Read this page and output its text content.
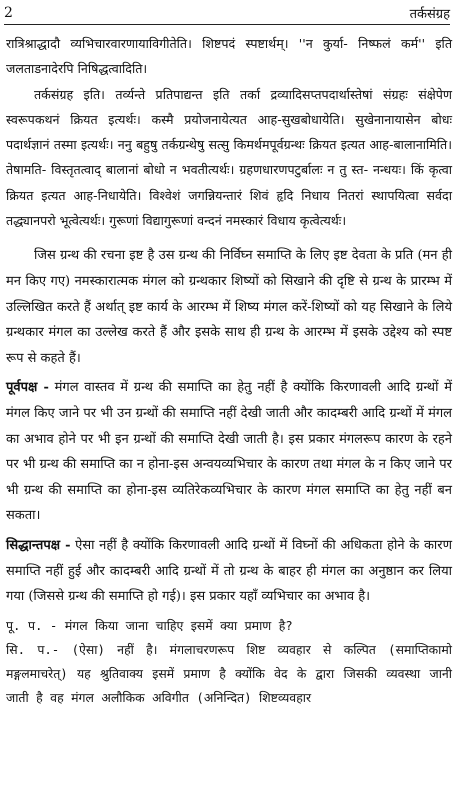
2	तर्कसंग्रह

रात्रिश्राद्धादौ व्यभिचारवारणायाविगीतेति। शिष्टपदं स्पष्टार्थम्। ''न कुर्या- निष्फलं कर्म'' इति जलताडनादेरपि निषिद्धत्वादिति।

तर्कसंग्रह इति। तर्व्यन्ते प्रतिपाद्यन्त इति तर्का द्रव्यादिसप्तपदार्थास्तेषां संग्रहः संक्षेपेण स्वरूपकथनं क्रियत इत्यर्थः। कस्मै प्रयोजनायेत्यत आह-सुखबोधायेति। सुखेनानायासेन बोधः पदार्थज्ञानं तस्मा इत्यर्थः। ननु बहुषु तर्कग्रन्थेषु सत्सु किमर्थमपूर्वग्रन्थः क्रियत इत्यत आह-बालानामिति। तेषामति- विस्तृतत्वाद् बालानां बोधो न भवतीत्यर्थः। ग्रहणधारणपटुर्बालः न तु स्त- नन्धयः। किं कृत्वा क्रियत इत्यत आह-निधायेति। विश्वेशं जगन्नियन्तारं शिवं हृदि निधाय नितरां स्थापयित्वा सर्वदा तद्ध्यानपरो भूत्वेत्यर्थः। गुरूणां विद्यागुरूणां वन्दनं नमस्कारं विधाय कृत्वेत्यर्थः।

जिस ग्रन्थ की रचना इष्ट है उस ग्रन्थ की निर्विघ्न समाप्ति के लिए इष्ट देवता के प्रति (मन ही मन किए गए) नमस्कारात्मक मंगल को ग्रन्थकार शिष्यों को सिखाने की दृष्टि से ग्रन्थ के प्रारम्भ में उल्लिखित करते हैं अर्थात् इष्ट कार्य के आरम्भ में शिष्य मंगल करें-शिष्यों को यह सिखाने के लिये ग्रन्थकार मंगल का उल्लेख करते हैं और इसके साथ ही ग्रन्थ के आरम्भ में इसके उद्देश्य को स्पष्ट रूप से कहते हैं।

पूर्वपक्ष - मंगल वास्तव में ग्रन्थ की समाप्ति का हेतु नहीं है क्योंकि किरणावली आदि ग्रन्थों में मंगल किए जाने पर भी उन ग्रन्थों की समाप्ति नहीं देखी जाती और कादम्बरी आदि ग्रन्थों में मंगल का अभाव होने पर भी इन ग्रन्थों की समाप्ति देखी जाती है। इस प्रकार मंगलरूप कारण के रहने पर भी ग्रन्थ की समाप्ति का न होना-इस अन्वयव्यभिचार के कारण तथा मंगल के न किए जाने पर भी ग्रन्थ की समाप्ति का होना-इस व्यतिरेकव्यभिचार के कारण मंगल समाप्ति का हेतु नहीं बन सकता।

सिद्धान्तपक्ष - ऐसा नहीं है क्योंकि किरणावली आदि ग्रन्थों में विघ्नों की अधिकता होने के कारण समाप्ति नहीं हुई और कादम्बरी आदि ग्रन्थों में तो ग्रन्थ के बाहर ही मंगल का अनुष्ठान कर लिया गया (जिससे ग्रन्थ की समाप्ति हो गई)। इस प्रकार यहाँ व्यभिचार का अभाव है।

पू. प. - मंगल किया जाना चाहिए इसमें क्या प्रमाण है?

सि. प.- (ऐसा) नहीं है। मंगलाचरणरूप शिष्ट व्यवहार से कल्पित (समाप्तिकामो मङ्गलमाचरेत्) यह श्रुतिवाक्य इसमें प्रमाण है क्योंकि वेद के द्वारा जिसकी व्यवस्था जानी जाती है वह मंगल अलौकिक अविगीत (अनिन्दित) शिष्टव्यवहार
